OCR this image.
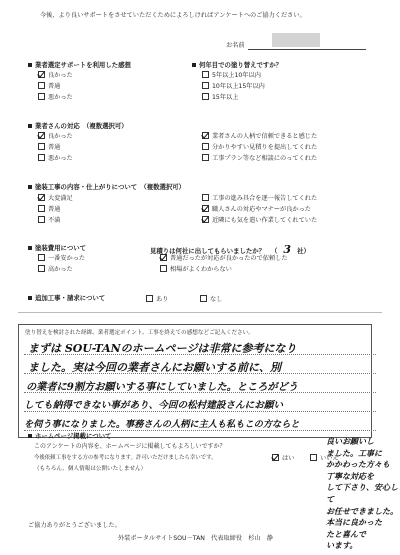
今後、より良いサポートをさせていただくためによろしければアンケートへのご協力ください。
お名前
業者選定サポートを利用した感想
良かった
普通
悪かった
何年目での塗り替えですか？
5年以上10年以内
10年以上15年以内
15年以上
業者さんの対応　（複数選択可）
良かった
普通
悪かった
業者さんの人柄で信頼できると感じた
分かりやすい見積りを提出してくれた
工事プラン等など相談にのってくれた
塗装工事の内容・仕上がりについて　（複数選択可）
大変満足
普通
不満
工事の進み具合を逐一報告してくれた
職人さんの対応やマナーが良かった
近隣にも気を遣い作業してくれていた
塗装費用について
一番安かった
高かった
見積りは何社に出してもらいましたか？ （ 3 社）
普通だったが対応が良かったので依頼した
相場がよくわからない
追加工事・請求について	あり	なし
塗り替えを検討された経緯、業者選定ポイント、工事を終えての感想などご記入ください。
まずは SOU-TANのホームページは非常に参考になり
ました。実は今回の業者さんにお願いする前に、別
の業者に9割方お願いする事にしていました。ところがどう
しても納得できない事があり、今回の松村建設さんにお願い
を伺う事になりました。事務さんの人柄に主人も私もこの方ならと
ホームページ掲載について
このアンケートの内容を、ホームページに掲載してもよろしいですか？
今後依頼工事をする方の参考になります。許可いただけましたら幸いです。
（もちろん、個人情報は公開いたしません）
はい	いいえ
良いお願いし
ました。工事に
かかわった方々も
丁寧な対応を
して下さり、安心して
お任せできました。
本当に良かった
たと喜んで
います。
ご協力ありがとうございました。
外装ポータルサイトSOU－TAN　代表取締役　杉山　静
